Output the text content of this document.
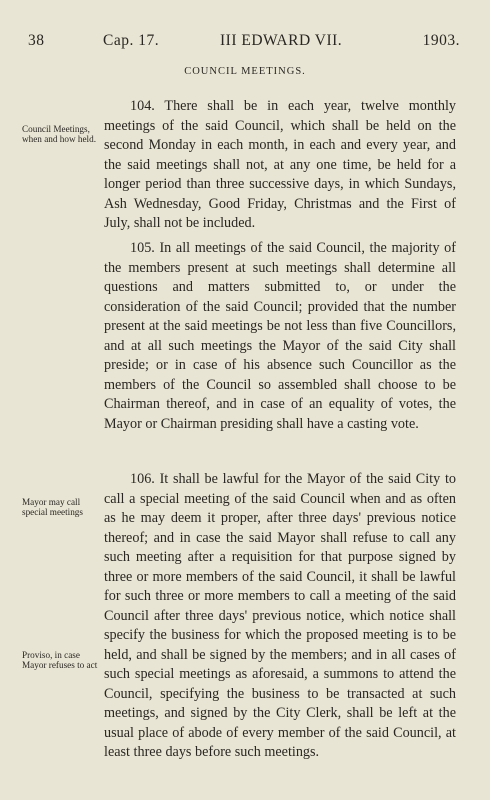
38	Cap. 17.	III EDWARD VII.	1903.
COUNCIL MEETINGS.
Council Meetings, when and how held.
Mayor may call special meetings
Proviso, in case Mayor refuses to act
104. There shall be in each year, twelve monthly meetings of the said Council, which shall be held on the second Monday in each month, in each and every year, and the said meetings shall not, at any one time, be held for a longer period than three successive days, in which Sundays, Ash Wednesday, Good Friday, Christmas and the First of July, shall not be included.
105. In all meetings of the said Council, the majority of the members present at such meetings shall determine all questions and matters submitted to, or under the consideration of the said Council; provided that the number present at the said meetings be not less than five Councillors, and at all such meetings the Mayor of the said City shall preside; or in case of his absence such Councillor as the members of the Council so assembled shall choose to be Chairman thereof, and in case of an equality of votes, the Mayor or Chairman presiding shall have a casting vote.
106. It shall be lawful for the Mayor of the said City to call a special meeting of the said Council when and as often as he may deem it proper, after three days' previous notice thereof; and in case the said Mayor shall refuse to call any such meeting after a requisition for that purpose signed by three or more members of the said Council, it shall be lawful for such three or more members to call a meeting of the said Council after three days' previous notice, which notice shall specify the business for which the proposed meeting is to be held, and shall be signed by the members; and in all cases of such special meetings as aforesaid, a summons to attend the Council, specifying the business to be transacted at such meetings, and signed by the City Clerk, shall be left at the usual place of abode of every member of the said Council, at least three days before such meetings.
